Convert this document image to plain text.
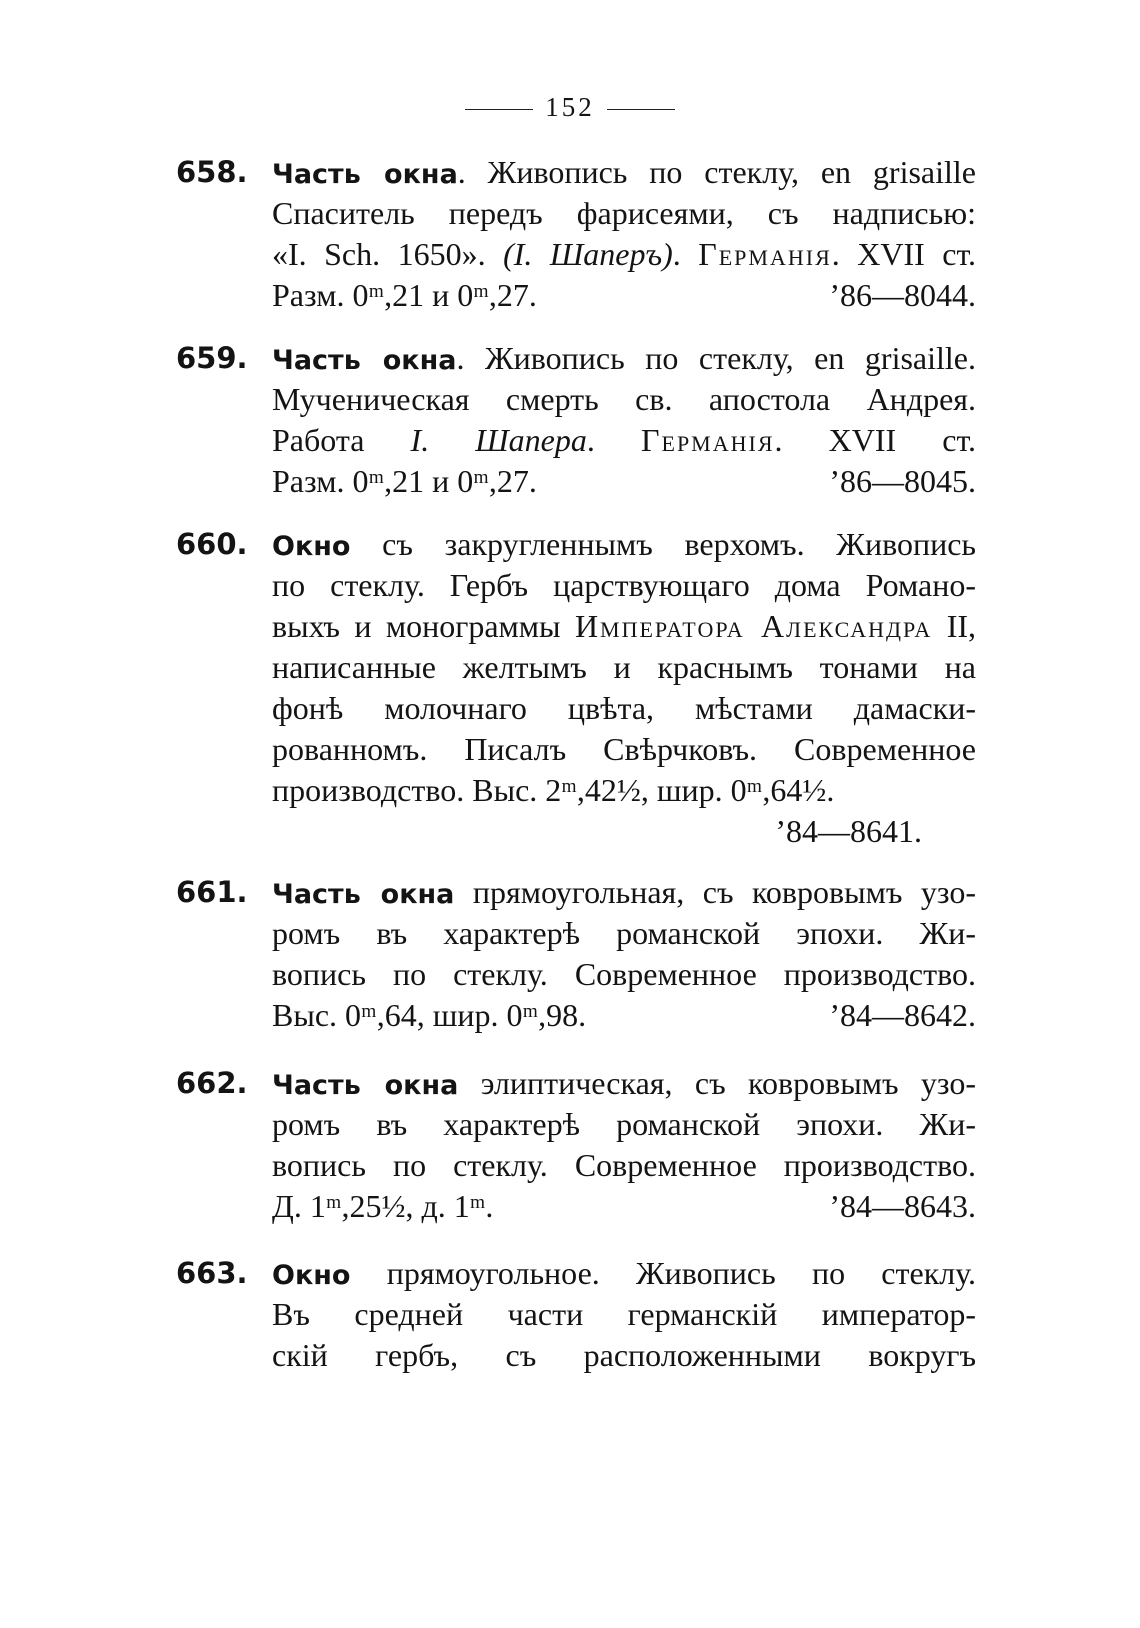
152
658. Часть окна. Живопись по стеклу, en grisaille
Спаситель передъ фарисеями, съ надписью:
«I. Sch. 1650». (I. Шаперъ). Германія. XVII ст.
Разм. 0ᵐ,21 и 0ᵐ,27.	’86—8044.
659. Часть окна. Живопись по стеклу, en grisaille.
Мученическая смерть св. апостола Андрея.
Работа I. Шапера. Германія. XVII ст.
Разм. 0ᵐ,21 и 0ᵐ,27.	’86—8045.
660. Окно съ закругленнымъ верхомъ. Живопись
по стеклу. Гербъ царствующаго дома Романо-
выхъ и монограммы Императора Александра II,
написанные желтымъ и краснымъ тонами на
фонѣ молочнаго цвѣта, мѣстами дамаски-
рованномъ. Писалъ Свѣрчковъ. Современное
производство. Выс. 2ᵐ,42½, шир. 0ᵐ,64½.
’84—8641.
661. Часть окна прямоугольная, съ ковровымъ узо-
ромъ въ характерѣ романской эпохи. Жи-
вопись по стеклу. Современное производство.
Выс. 0ᵐ,64, шир. 0ᵐ,98.	’84—8642.
662. Часть окна элиптическая, съ ковровымъ узо-
ромъ въ характерѣ романской эпохи. Жи-
вопись по стеклу. Современное производство.
Д. 1ᵐ,25½, д. 1ᵐ.	’84—8643.
663. Окно прямоугольное. Живопись по стеклу.
Въ средней части германскій император-
скій гербъ, съ расположенными вокругъ
